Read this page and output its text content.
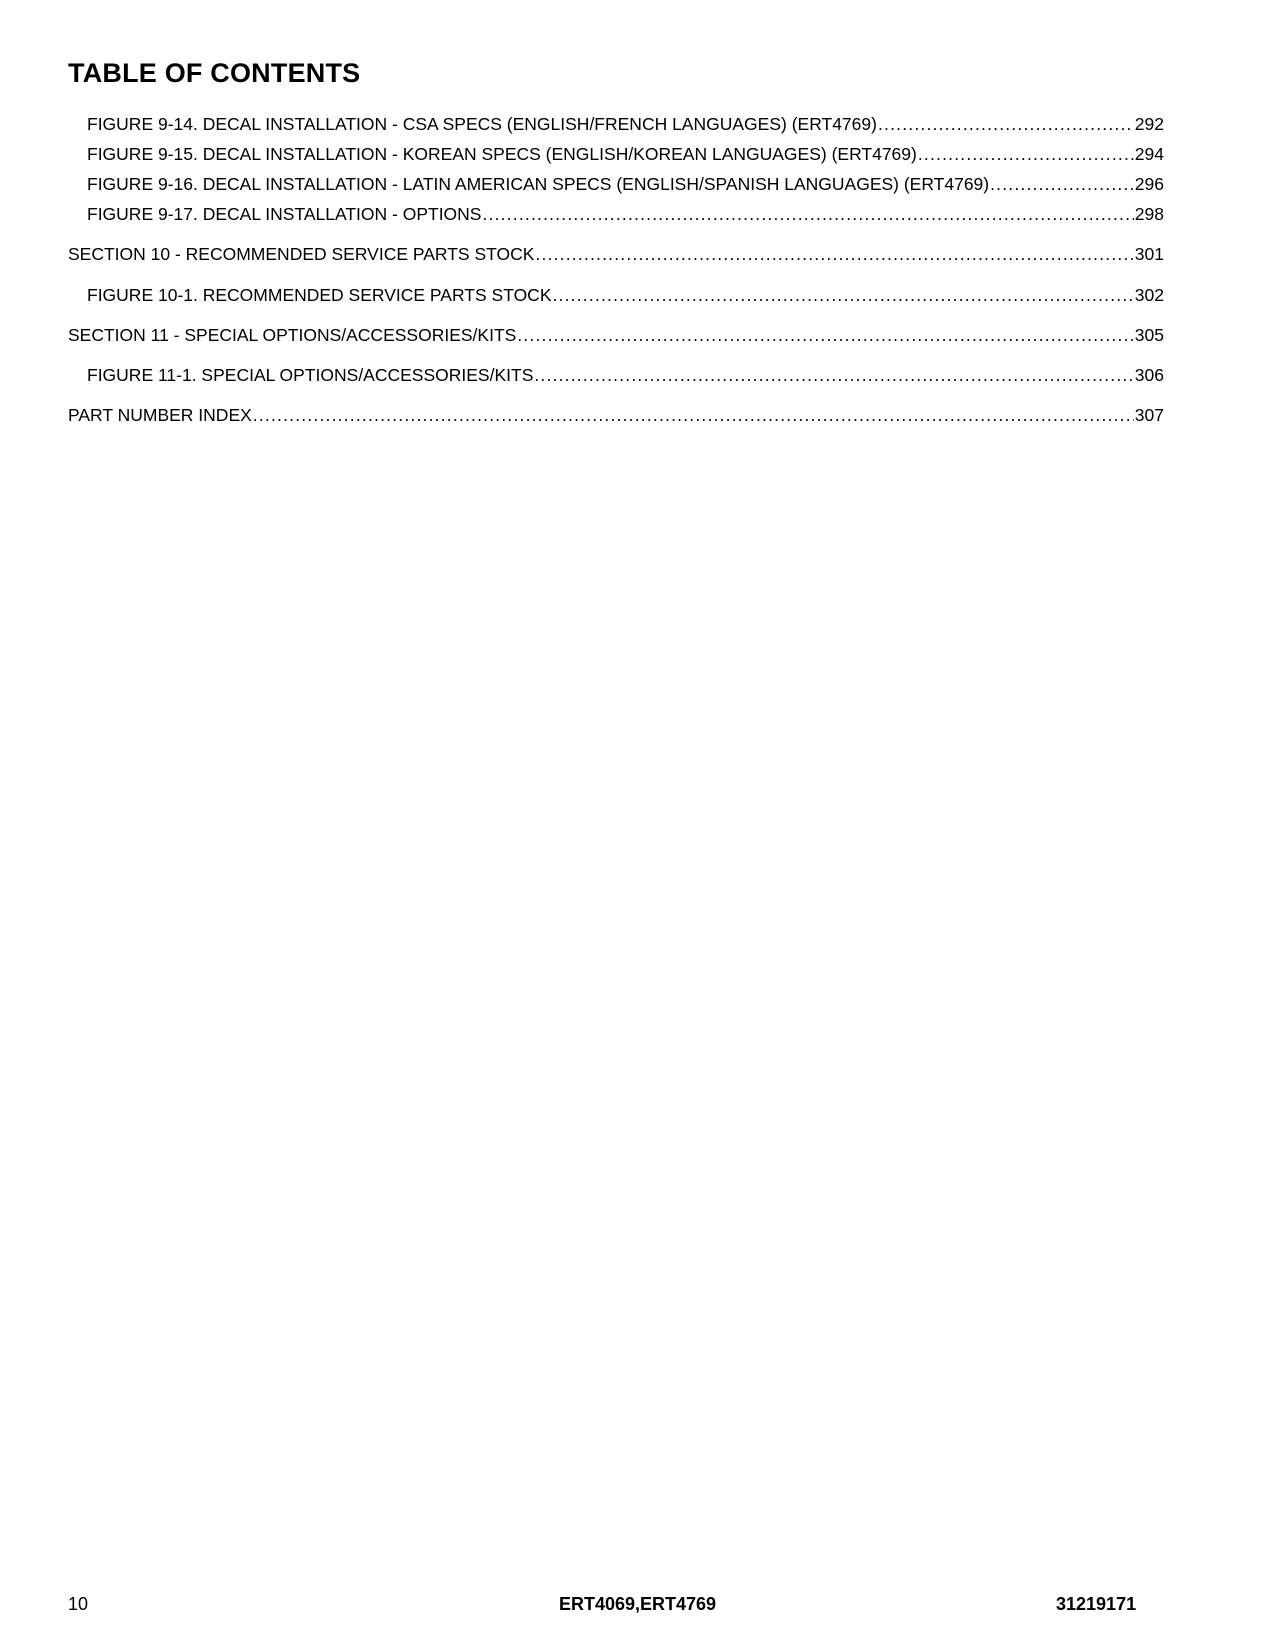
TABLE OF CONTENTS
FIGURE 9-14. DECAL INSTALLATION - CSA SPECS (ENGLISH/FRENCH LANGUAGES) (ERT4769) .....	292
FIGURE 9-15. DECAL INSTALLATION - KOREAN SPECS (ENGLISH/KOREAN LANGUAGES) (ERT4769) .....	294
FIGURE 9-16. DECAL INSTALLATION - LATIN AMERICAN SPECS (ENGLISH/SPANISH LANGUAGES) (ERT4769) .....	296
FIGURE 9-17. DECAL INSTALLATION - OPTIONS .....	298
SECTION 10 - RECOMMENDED SERVICE PARTS STOCK .....	301
FIGURE 10-1. RECOMMENDED SERVICE PARTS STOCK .....	302
SECTION 11 - SPECIAL OPTIONS/ACCESSORIES/KITS .....	305
FIGURE 11-1. SPECIAL OPTIONS/ACCESSORIES/KITS .....	306
PART NUMBER INDEX .....	307
10	ERT4069,ERT4769	31219171
